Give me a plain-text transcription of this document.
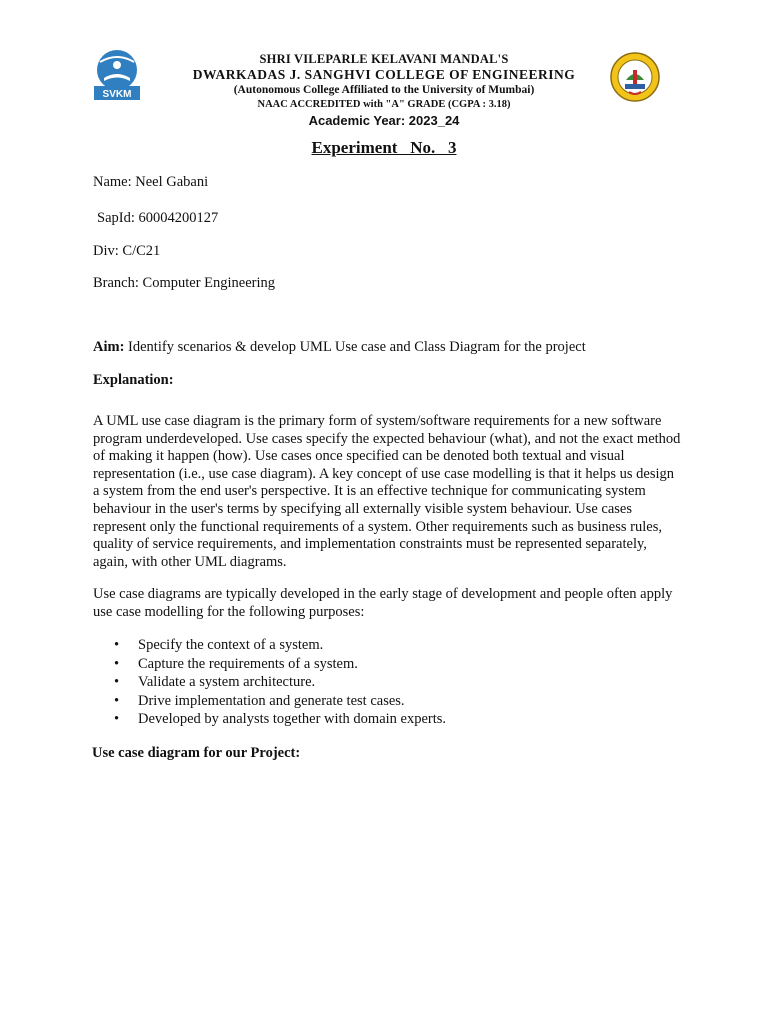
SVKM
SHRI VILEPARLE KELAVANI MANDAL'S
DWARKADAS J. SANGHVI COLLEGE OF ENGINEERING
(Autonomous College Affiliated to the University of Mumbai)
NAAC ACCREDITED with "A" GRADE (CGPA : 3.18)
Academic Year: 2023_24
Experiment   No.   3
Name: Neel Gabani
SapId: 60004200127
Div: C/C21
Branch: Computer Engineering
Aim: Identify scenarios & develop UML Use case and Class Diagram for the project
Explanation:
A UML use case diagram is the primary form of system/software requirements for a new software program underdeveloped. Use cases specify the expected behaviour (what), and not the exact method of making it happen (how). Use cases once specified can be denoted both textual and visual representation (i.e., use case diagram). A key concept of use case modelling is that it helps us design a system from the end user's perspective. It is an effective technique for communicating system behaviour in the user's terms by specifying all externally visible system behaviour. Use cases represent only the functional requirements of a system. Other requirements such as business rules, quality of service requirements, and implementation constraints must be represented separately, again, with other UML diagrams.
Use case diagrams are typically developed in the early stage of development and people often apply use case modelling for the following purposes:
• Specify the context of a system.
• Capture the requirements of a system.
• Validate a system architecture.
• Drive implementation and generate test cases.
• Developed by analysts together with domain experts.
Use case diagram for our Project:
